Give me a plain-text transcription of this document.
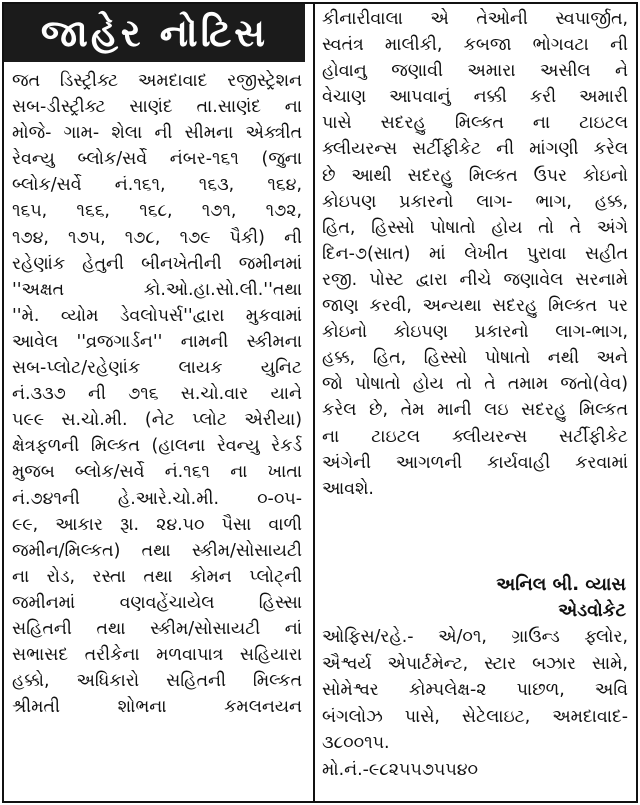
જાહેર નોટિસ
જત ડિસ્ટ્રીક્ટ અમદાવાદ રજીસ્ટ્રેશન
સબ-ડીસ્ટ્રીક્ટ સાણંદ તા.સાણંદ ના
મોજે- ગામ- શેલા ની સીમના એક્ત્રીત
રેવન્યુ બ્લોક/સર્વે નંબર-૧૬૧ (જુના
બ્લોક/સર્વે નં.૧૬૧, ૧૬૩, ૧૬૪,
૧૬૫, ૧૬૬, ૧૬૮, ૧૭૧, ૧૭૨,
૧૭૪, ૧૭૫, ૧૭૮, ૧૭૯ પૈકી) ની
રહેણાંક હેતુની બીનખેતીની જમીનમાં
''અક્ષત કો.ઓ.હા.સો.લી.''તથા
''મે. વ્યોમ ડેવલોપર્સ''દ્વારા મુકવામાં
આવેલ ''વ્રજગાર્ડન'' નામની સ્કીમના
સબ-પ્લોટ/રહેણાંક લાયક યુનિટ
નં.૩૩૭ ની ૭૧૬ સ.ચો.વાર યાને
૫૯૯ સ.ચો.મી. (નેટ પ્લોટ એરીયા)
ક્ષેત્રફળની મિલ્કત (હાલના રેવન્યુ રેકર્ડ
મુજબ બ્લોક/સર્વે નં.૧૬૧ ના ખાતા
નં.૭૪૧ની હે.આરે.ચો.મી. ૦-૦૫-
૯૯, આકાર રૂા. ૨૪.૫૦ પૈસા વાળી
જમીન/મિલ્કત) તથા સ્કીમ/સોસાયટી
ના રોડ, રસ્તા તથા કોમન પ્લોટ્ની
જમીનમાં વણવહેંચાયેલ હિસ્સા
સહિતની તથા સ્કીમ/સોસાયટી નાં
સભાસદ તરીકેના મળવાપાત્ર સહિયારા
હક્કો, અધિકારો સહિતની મિલ્કત
શ્રીમતી શોભના કમલનયન
કીનારીવાલા એ તેઓની સ્વપાર્જીત,
સ્વતંત્ર માલીકી, કબજા ભોગવટા ની
હોવાનુ જણાવી અમારા અસીલ ને
વેચાણ આપવાનું નક્કી કરી અમારી
પાસે સદરહુ મિલ્કત ના ટાઇટલ
ક્લીયરન્સ સર્ટીફીકેટ ની માંગણી કરેલ
છે આથી સદરહુ મિલ્કત ઉપર કોઇનો
કોઇપણ પ્રકારનો લાગ- ભાગ, હક્ક,
હિત, હિસ્સો પોષાતો હોય તો તે અંગે
દિન-૭(સાત) માં લેખીત પુરાવા સહીત
રજી. પોસ્ટ દ્વારા નીચે જણાવેલ સરનામે
જાણ કરવી, અન્યથા સદરહુ મિલ્કત પર
કોઇનો કોઇપણ પ્રકારનો લાગ-ભાગ,
હક્ક, હિત, હિસ્સો પોષાતો નથી અને
જો પોષાતો હોય તો તે તમામ જતો(વેવ)
કરેલ છે, તેમ માની લઇ સદરહુ મિલ્કત
ના ટાઇટલ ક્લીયરન્સ સર્ટીફીકેટ
અંગેની આગળની કાર્યવાહી કરવામાં
આવશે.
અનિલ બી. વ્યાસ
એડવોકેટ
ઓફિસ/રહે.- એ/૦૧, ગ્રાઉન્ડ ફ્લોર,
ઐશ્વર્ય એપાર્ટમેન્ટ, સ્ટાર બઝાર સામે,
સોમેશ્વર કોમ્પલેક્ષ-૨ પાછળ, અવિ
બંગલોઝ પાસે, સેટેલાઇટ, અમદાવાદ-
૩૮૦૦૧૫.
મો.નં.-૯૮૨૫૫૭૫૫૪૦
